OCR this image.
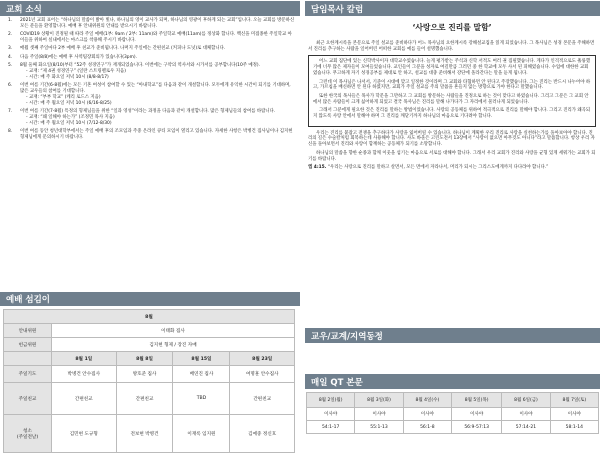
교회 소식
1.	2021년 교회 표어는 “하나님의 말씀이 밝아 빛나, 하나님의 영이 교사가 되며, 하나님의 영광이 후하게 되는 교회”입니다. 오늘 교회를 방문하신 모든 분들을 환영합니다. 예배 후 안내위원의 안내를 받으시기 바랍니다.
2.	COVID19 상황이 진정될 때 따라 주일 예배(1부: 9am / 2부: 11am)와 주일학교 예배(11am)를 정상화 합니다. 백신을 미접종한 주일학교 아이들을 위하여 실내에서는 마스크를 착용해 주시기 바랍니다.
3.	매월 셋째 주일마다 2부 예배 후 친교가 준비됩니다. 나머지 주일에는 간편친교 (커피나 도넛)로 대체합니다.
4.	다음 주일(8/8)에는 예배 후 사역팀장회의가 있습니다(3pm).
5.	8월 둘째 화요일(8/10)부터 “52주 성경연구”가 재개되었습니다. 이번에는 구약의 역사서와 시가서를 공부합니다(10주 예정).
- 교재: “제 4권 성경연구” (일란 스트링펠로우 지음)
- 시간: 매 주 화요일 저녁 10시 (8/8-8/17)
6.	이번 여름 기간(6-8월)에는 모든 기혼 여성이 참여할 수 있는 “아내학교”를 다음과 같이 개설합니다. 모두에게 유익한 시간이 되기를 기대하며, 많은 교우들의 참여를 기대합니다.
- 교재: “부부 학교” (케리 로드스 지음)
- 시간: 매 주 월요일 저녁 10시 (6/16-8/25)
7.	이번 여름 기간(7-8월) 특정의 형제님들을 위한 “일과 영성”이라는 과정을 다음과 같이 개설합니다. 많은 형제님들의 참여를 바랍니다.
- 교재: “왜 일해야 하는가” (조정민 목사 지음)
- 시간: 매 주 월요일 저녁 10시 (7/12-8/30)
8.	이번 여름 동안 청년대학부에서는 주일 예배 후의 조모임과 주중 온라인 큐티 모임이 열리고 있습니다. 자세한 사항은 박병건 집사님이나 김지현 형제님에게 문의하시기 바랍니다.
예배 섬김이
8월				
안내위원	이태화 집사			
헌금위원	김지현 형제 / 장진 자매			
	8월 1일	8월 8일	8월 15일	8월 23일
주일기도	박병건 안수집사	방호준 집사	배연진 집사	여명훈 안수집사
주일친교	간편친교	간편친교	TBD	간편친교
청소
(주일전날)	김민현 도규형	전보현 박병건	이재록 임지원	김예중 정신호
담임목사 칼럼
‘사랑으로 진리를 말함’

최근 요한계시록을 본문으로 주일 설교를 준비하다가 어느 목사님의 요한계시록 강해설교집을 읽게 되었습니다. 그 목사님은 성경 본문을 주해하면서 진리를 추구하는 사람을 일어버린 어떠한 교회를 예를 들어 설명했습니다.

어느 교회 집단에 있는 신학박사이자 대학교수였습니다. 늘게 평가받는 주석과 신학 서적도 여러 권 집필했습니다. 게다가 인격적으로도 훌륭했기에 너무 많은 제자들이 모여들었습니다. 교인들이 그분을 성자로 여길만큼 그러던 중 한 학교에 모두 사서 된 피해였습니다. 수업에 대한한 교회였습니다. 무고하게 자기 성경공부를 제대로 안 하고, 설교를 대충 준비해서 강단에 올라간다는 말을 듣게 됩니다.

그런데 이 목사님은 나서서, 기준이 시대에 맞고 일정한 것이라며 그 교회와 타협하면 안 된다고 주장했습니다. 그는 진리는 반드시 나누어야 하고, 가르침을 배신하면 안 된다 하였지만, 교회가 주일 설교를 주의 말씀을 흔들지 않는 방향으로 가야 한다고 말했습니다.

또한 한국의 목사들은 목사가 학문을 그만하고 그 교회를 방문하는 사람들을 진정으로 하는 것이 맞다고 하였습니다. 그리고 그분은 그 교회 안에서 많은 사람들이 크게 싫어하게 되었고 결국 목사님은 진리를 말해 나가다가 그 자리에서 물러나게 되었습니다.

그래서 그분에게 필요한 것은 진리를 말하는 방법이었습니다. 사랑의 공동체를 위하여 적극적으로 진리를 말해야 합니다. 그리고 진리가 왜곡되지 않도록 사랑 안에서 말해야 하며 그 진리를 깨닫기까지 하나님의 마음으로 기다려야 합니다.

우리는 진리를 붙잡고 전쟁을 추구하다가 사랑을 잃어버릴 수 있습니다. 하나님이 계획한 우리 진리로 사랑을 실천하는가를 돌아보아야 합니다. 진리의 길은 수술칼처럼 회복하는데 사용해야 합니다. 사도 바울은 고린도전서 13장에서 “사랑이 없으면 아무것도 아니다”라고 말씀합니다. 항상 우리 자신을 돌아보면서 진리와 사랑이 함께하는 공동체가 되기를 소망합니다.

하나님의 말씀을 향한 순종과 함께 이웃을 섬기는 마음으로 서로를 대해야 합니다. 그래서 우리 교회가 진리와 사랑을 균형 있게 세워가는 교회가 되기를 바랍니다.

엡 4:15. “우리는 사랑으로 진리를 말하고 살면서, 모든 면에서 자라나서, 머리가 되시는 그리스도에게까지 다다라야 합니다.”
교우/교계/지역동정
매일 QT 본문
8월 2일(월)	8월 3일(화)	8월 4일(수)	8월 5일(목)	8월 6일(금)	8월 7일(토)
이사야	이사야	이사야	이사야	이사야	이사야
54:1-17	55:1-13	56:1-8	56:9-57:13	57:14-21	58:1-14
